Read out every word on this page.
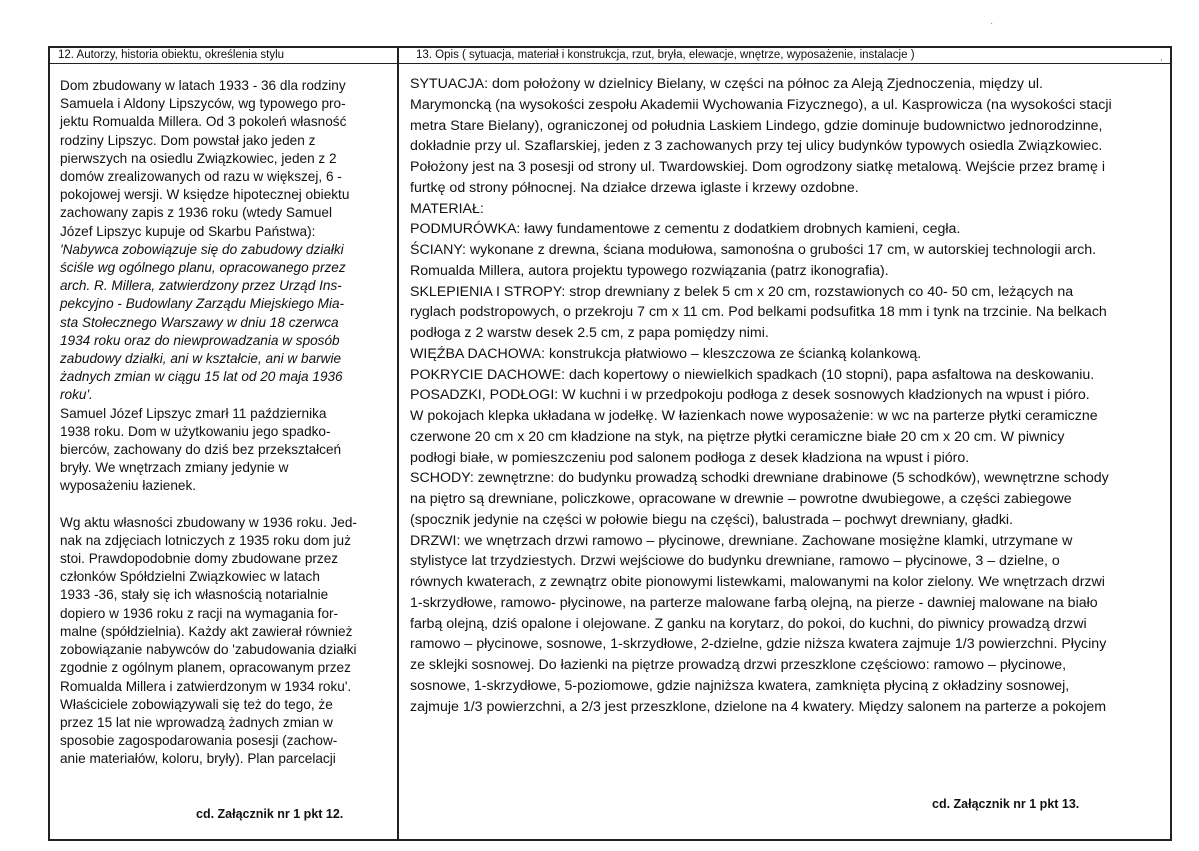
12. Autorzy, historia obiektu, określenia stylu	13. Opis ( sytuacja, materiał i konstrukcja, rzut, bryła, elewacje, wnętrze, wyposażenie, instalacje )

Dom zbudowany w latach 1933 - 36 dla rodziny

Samuela i Aldony Lipszyców, wg typowego pro-

jektu Romualda Millera. Od 3 pokoleń własność

rodziny Lipszyc. Dom powstał jako jeden z

pierwszych na osiedlu Związkowiec, jeden z 2

domów zrealizowanych od razu w większej, 6 -

pokojowej wersji. W księdze hipotecznej obiektu

zachowany zapis z 1936 roku (wtedy Samuel

Józef Lipszyc kupuje od Skarbu Państwa):

'Nabywca zobowiązuje się do zabudowy działki

ściśle wg ogólnego planu, opracowanego przez

arch. R. Millera, zatwierdzony przez Urząd Ins-

pekcyjno - Budowlany Zarządu Miejskiego Mia-

sta Stołecznego Warszawy w dniu 18 czerwca

1934 roku oraz do niewprowadzania w sposób

zabudowy działki, ani w kształcie, ani w barwie

żadnych zmian w ciągu 15 lat od 20 maja 1936

roku'.

Samuel Józef Lipszyc zmarł 11 października

1938 roku. Dom w użytkowaniu jego spadko-

bierców, zachowany do dziś bez przekształceń

bryły. We wnętrzach zmiany jedynie w

wyposażeniu łazienek.

Wg aktu własności zbudowany w 1936 roku. Jed-

nak na zdjęciach lotniczych z 1935 roku dom już

stoi. Prawdopodobnie domy zbudowane przez

członków Spółdzielni Związkowiec w latach

1933 -36, stały się ich własnością notarialnie

dopiero w 1936 roku z racji na wymagania for-

malne (spółdzielnia). Każdy akt zawierał również

zobowiązanie nabywców do 'zabudowania działki

zgodnie z ogólnym planem, opracowanym przez

Romualda Millera i zatwierdzonym w 1934 roku'.

Właściciele zobowiązywali się też do tego, że

przez 15 lat nie wprowadzą żadnych zmian w

sposobie zagospodarowania posesji (zachow-

anie materiałów, koloru, bryły). Plan parcelacji

cd. Załącznik nr 1 pkt 12.

SYTUACJA: dom położony w dzielnicy Bielany, w części na północ za Aleją Zjednoczenia, między ul.

Marymoncką (na wysokości zespołu Akademii Wychowania Fizycznego), a ul. Kasprowicza (na wysokości stacji

metra Stare Bielany), ograniczonej od południa Laskiem Lindego, gdzie dominuje budownictwo jednorodzinne,

dokładnie przy ul. Szaflarskiej, jeden z 3 zachowanych przy tej ulicy budynków typowych osiedla Związkowiec.

Położony jest na 3 posesji od strony ul. Twardowskiej. Dom ogrodzony siatkę metalową. Wejście przez bramę i

furtkę od strony północnej. Na działce drzewa iglaste i krzewy ozdobne.

MATERIAŁ:

PODMURÓWKA: ławy fundamentowe z cementu z dodatkiem drobnych kamieni, cegła.

ŚCIANY: wykonane z drewna, ściana modułowa, samonośna o grubości 17 cm, w autorskiej technologii arch.

Romualda Millera, autora projektu typowego rozwiązania (patrz ikonografia).

SKLEPIENIA I STROPY: strop drewniany z belek 5 cm x 20 cm, rozstawionych co 40- 50 cm, leżących na

ryglach podstropowych, o przekroju 7 cm x 11 cm. Pod belkami podsufitka 18 mm i tynk na trzcinie. Na belkach

podłoga z 2 warstw desek 2.5 cm, z papa pomiędzy nimi.

WIĘŹBA DACHOWA: konstrukcja płatwiowo – kleszczowa ze ścianką kolankową.

POKRYCIE DACHOWE: dach kopertowy o niewielkich spadkach (10 stopni), papa asfaltowa na deskowaniu.

POSADZKI, PODŁOGI: W kuchni i w przedpokoju podłoga z desek sosnowych kładzionych na wpust i pióro.

W pokojach klepka układana w jodełkę. W łazienkach nowe wyposażenie: w wc na parterze płytki ceramiczne

czerwone 20 cm x 20 cm kładzione na styk, na piętrze płytki ceramiczne białe 20 cm x 20 cm. W piwnicy

podłogi białe, w pomieszczeniu pod salonem podłoga z desek kładziona na wpust i pióro.

SCHODY: zewnętrzne: do budynku prowadzą schodki drewniane drabinowe (5 schodków), wewnętrzne schody

na piętro są drewniane, policzkowe, opracowane w drewnie – powrotne dwubiegowe, a części zabiegowe

(spocznik jedynie na części w połowie biegu na części), balustrada – pochwyt drewniany, gładki.

DRZWI: we wnętrzach drzwi ramowo – płycinowe, drewniane. Zachowane mosiężne klamki, utrzymane w

stylistyce lat trzydziestych. Drzwi wejściowe do budynku drewniane, ramowo – płycinowe, 3 – dzielne, o

równych kwaterach, z zewnątrz obite pionowymi listewkami, malowanymi na kolor zielony. We wnętrzach drzwi

1-skrzydłowe, ramowo- płycinowe, na parterze malowane farbą olejną, na pierze - dawniej malowane na biało

farbą olejną, dziś opalone i olejowane. Z ganku na korytarz, do pokoi, do kuchni, do piwnicy prowadzą drzwi

ramowo – płycinowe, sosnowe, 1-skrzydłowe, 2-dzielne, gdzie niższa kwatera zajmuje 1/3 powierzchni. Płyciny

ze sklejki sosnowej. Do łazienki na piętrze prowadzą drzwi przeszklone częściowo: ramowo – płycinowe,

sosnowe, 1-skrzydłowe, 5-poziomowe, gdzie najniższa kwatera, zamknięta płyciną z okładziny sosnowej,

zajmuje 1/3 powierzchni, a 2/3 jest przeszklone, dzielone na 4 kwatery. Między salonem na parterze a pokojem

cd. Załącznik nr 1 pkt 13.
·
,
